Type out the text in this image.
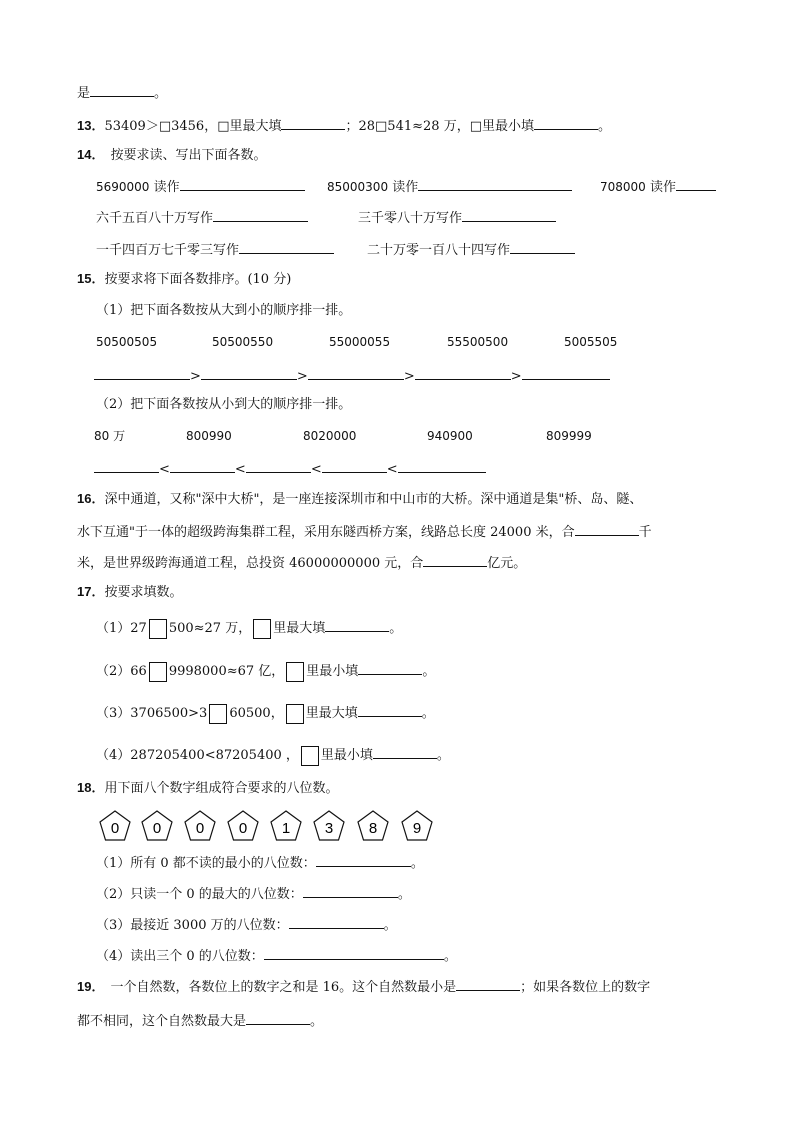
是	。
13．53409＞□3456，□里最大填	；28□541≈28 万，□里最小填	。
14． 按要求读、写出下面各数。
5690000 读作	85000300 读作	708000 读作
六千五百八十万写作	三千零八十万写作
一千四百万七千零三写作	二十万零一百八十四写作
15．按要求将下面各数排序。(10 分)
（1）把下面各数按从大到小的顺序排一排。
50500505	50500550	55000055	55500500	5005505
>	>	>	>
（2）把下面各数按从小到大的顺序排一排。
80 万	800990	8020000	940900	809999
<	<	<	<
16．深中通道，又称"深中大桥"，是一座连接深圳市和中山市的大桥。深中通道是集"桥、岛、隧、
水下互通"于一体的超级跨海集群工程，采用东隧西桥方案，线路总长度 24000 米，合	千
米，是世界级跨海通道工程，总投资 46000000000 元，合	亿元。
17．按要求填数。
（1）27 500≈27 万， 里最大填	。
（2）66 9998000≈67 亿， 里最小填	。
（3）3706500>3 60500， 里最大填	。
（4）287205400<87205400 ， 里最小填	。
18．用下面八个数字组成符合要求的八位数。
0 0 0 0 1 3 8 9
（1）所有 0 都不读的最小的八位数：	。
（2）只读一个 0 的最大的八位数：	。
（3）最接近 3000 万的八位数：	。
（4）读出三个 0 的八位数：	。
19． 一个自然数，各数位上的数字之和是 16。这个自然数最小是	；如果各数位上的数字
都不相同，这个自然数最大是	。
